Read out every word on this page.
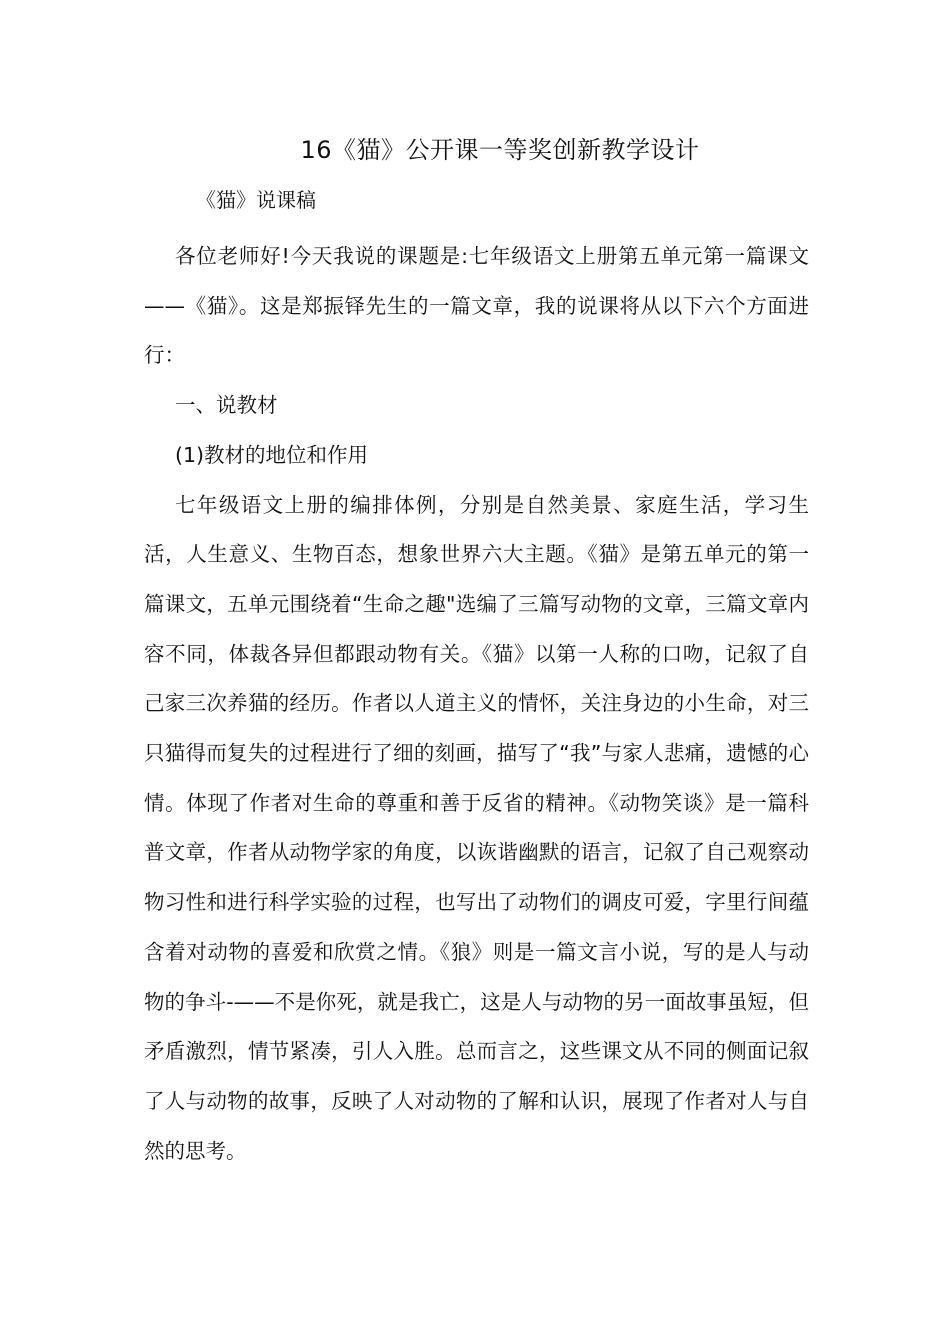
16《猫》公开课一等奖创新教学设计
《猫》说课稿

各位老师好!今天我说的课题是:七年级语文上册第五单元第一篇课文——《猫》。这是郑振铎先生的一篇文章，我的说课将从以下六个方面进行：

一、说教材

(1)教材的地位和作用

七年级语文上册的编排体例，分别是自然美景、家庭生活，学习生活，人生意义、生物百态，想象世界六大主题。《猫》是第五单元的第一篇课文，五单元围绕着“生命之趣"选编了三篇写动物的文章，三篇文章内容不同，体裁各异但都跟动物有关。《猫》以第一人称的口吻，记叙了自己家三次养猫的经历。作者以人道主义的情怀，关注身边的小生命，对三只猫得而复失的过程进行了细的刻画，描写了“我”与家人悲痛，遗憾的心情。体现了作者对生命的尊重和善于反省的精神。《动物笑谈》是一篇科普文章，作者从动物学家的角度，以诙谐幽默的语言，记叙了自己观察动物习性和进行科学实验的过程，也写出了动物们的调皮可爱，字里行间蕴含着对动物的喜爱和欣赏之情。《狼》则是一篇文言小说，写的是人与动物的争斗-——不是你死，就是我亡，这是人与动物的另一面故事虽短，但矛盾激烈，情节紧凑，引人入胜。总而言之，这些课文从不同的侧面记叙了人与动物的故事，反映了人对动物的了解和认识，展现了作者对人与自然的思考。
